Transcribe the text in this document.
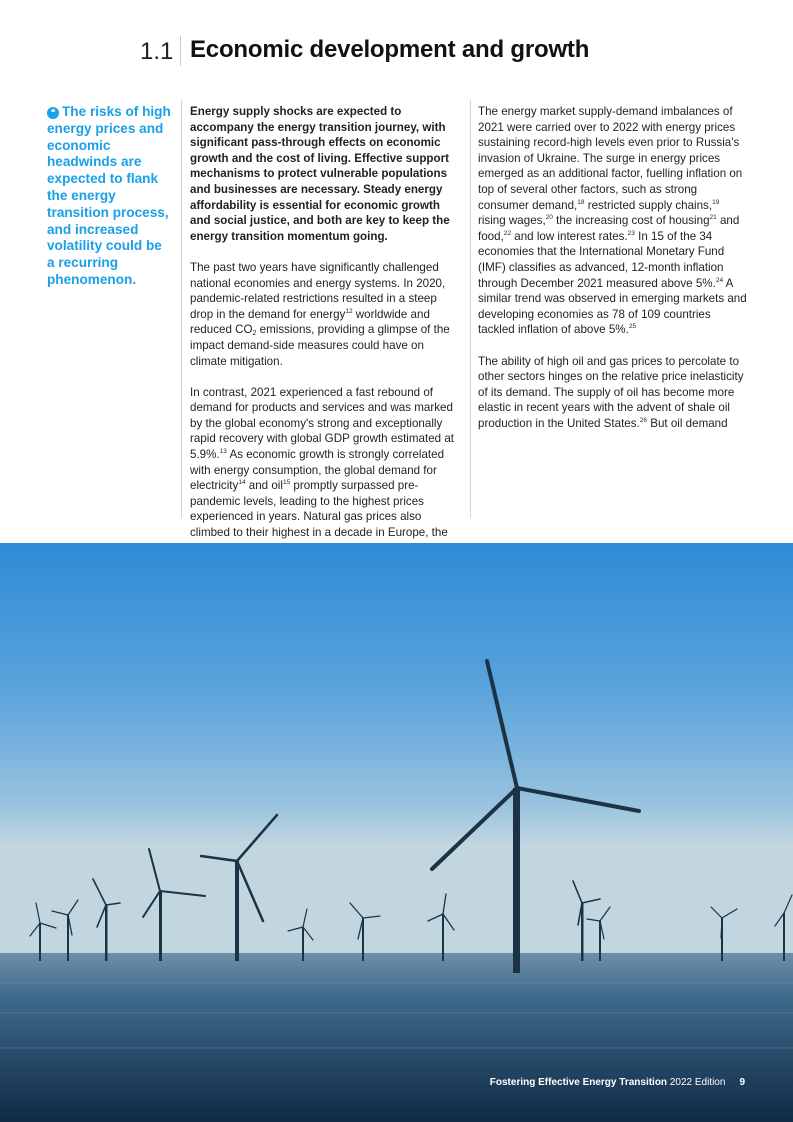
1.1 Economic development and growth
❝ The risks of high energy prices and economic headwinds are expected to flank the energy transition process, and increased volatility could be a recurring phenomenon.

Energy supply shocks are expected to accompany the energy transition journey, with significant pass-through effects on economic growth and the cost of living. Effective support mechanisms to protect vulnerable populations and businesses are necessary. Steady energy affordability is essential for economic growth and social justice, and both are key to keep the energy transition momentum going.

The past two years have significantly challenged national economies and energy systems. In 2020, pandemic-related restrictions resulted in a steep drop in the demand for energy$^{12}$ worldwide and reduced $CO_2$ emissions, providing a glimpse of the impact demand-side measures could have on climate mitigation.

In contrast, 2021 experienced a fast rebound of demand for products and services and was marked by the global economy's strong and exceptionally rapid recovery with global GDP growth estimated at 5.9%.$^{13}$ As economic growth is strongly correlated with energy consumption, the global demand for electricity$^{14}$ and oil$^{15}$ promptly surpassed pre-pandemic levels, leading to the highest prices experienced in years. Natural gas prices also climbed to their highest in a decade in Europe, the

The energy market supply-demand imbalances of 2021 were carried over to 2022 with energy prices sustaining record-high levels even prior to Russia's invasion of Ukraine. The surge in energy prices emerged as an additional factor, fuelling inflation on top of several other factors, such as strong consumer demand,$^{18}$ restricted supply chains,$^{19}$ rising wages,$^{20}$ the increasing cost of housing$^{21}$ and food,$^{22}$ and low interest rates.$^{23}$ In 15 of the 34 economies that the International Monetary Fund (IMF) classifies as advanced, 12-month inflation through December 2021 measured above 5%.$^{24}$ A similar trend was observed in emerging markets and developing economies as 78 of 109 countries tackled inflation of above 5%.$^{25}$

The ability of high oil and gas prices to percolate to other sectors hinges on the relative price inelasticity of its demand. The supply of oil has become more elastic in recent years with the advent of shale oil production in the United States.$^{26}$ But oil demand

Fostering Effective Energy Transition 2022 Edition 9
